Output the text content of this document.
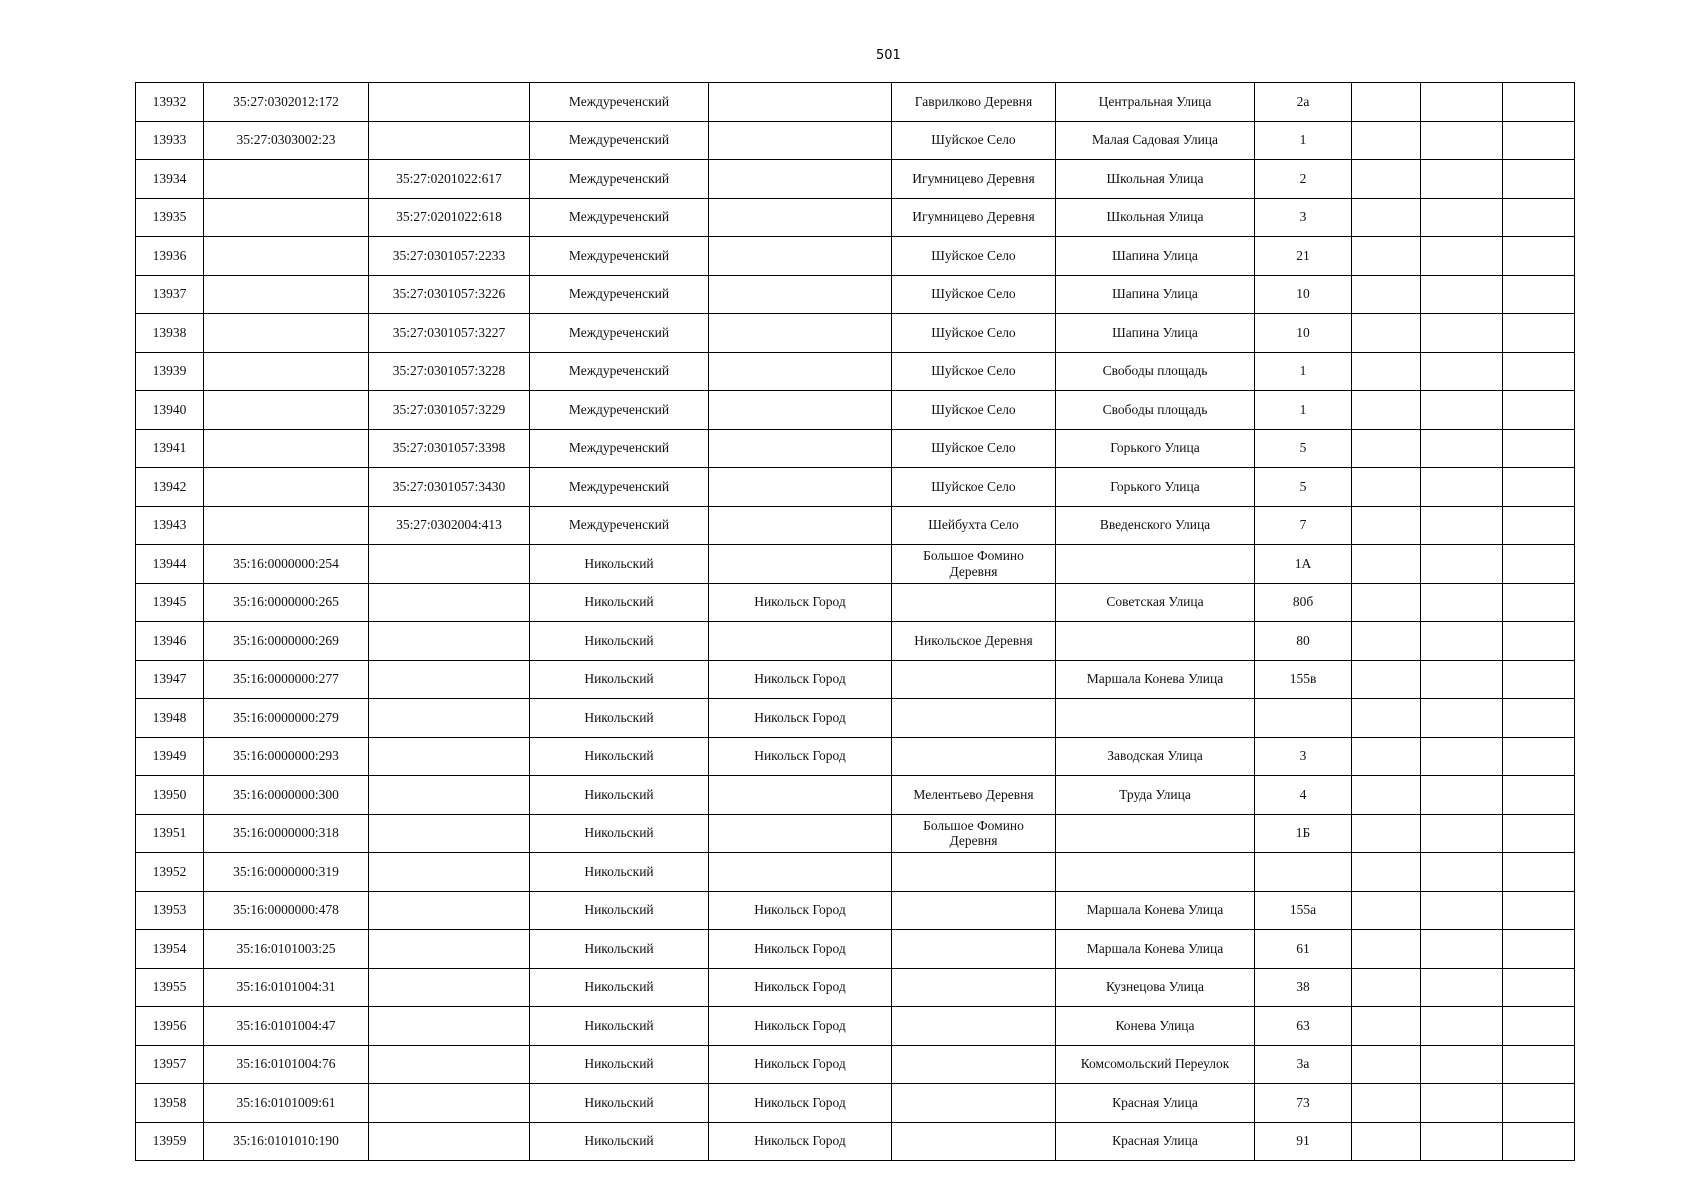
501
13932	35:27:0302012:172		Междуреченский		Гаврилково Деревня	Центральная Улица	2а			
13933	35:27:0303002:23		Междуреченский		Шуйское Село	Малая Садовая Улица	1			
13934		35:27:0201022:617	Междуреченский		Игумницево Деревня	Школьная Улица	2			
13935		35:27:0201022:618	Междуреченский		Игумницево Деревня	Школьная Улица	3			
13936		35:27:0301057:2233	Междуреченский		Шуйское Село	Шапина Улица	21			
13937		35:27:0301057:3226	Междуреченский		Шуйское Село	Шапина Улица	10			
13938		35:27:0301057:3227	Междуреченский		Шуйское Село	Шапина Улица	10			
13939		35:27:0301057:3228	Междуреченский		Шуйское Село	Свободы площадь	1			
13940		35:27:0301057:3229	Междуреченский		Шуйское Село	Свободы площадь	1			
13941		35:27:0301057:3398	Междуреченский		Шуйское Село	Горького Улица	5			
13942		35:27:0301057:3430	Междуреченский		Шуйское Село	Горького Улица	5			
13943		35:27:0302004:413	Междуреченский		Шейбухта Село	Введенского Улица	7			
13944	35:16:0000000:254		Никольский		Большое Фомино Деревня		1А			
13945	35:16:0000000:265		Никольский	Никольск Город		Советская Улица	80б			
13946	35:16:0000000:269		Никольский		Никольское Деревня		80			
13947	35:16:0000000:277		Никольский	Никольск Город		Маршала Конева Улица	155в			
13948	35:16:0000000:279		Никольский	Никольск Город						
13949	35:16:0000000:293		Никольский	Никольск Город		Заводская Улица	3			
13950	35:16:0000000:300		Никольский		Мелентьево Деревня	Труда Улица	4			
13951	35:16:0000000:318		Никольский		Большое Фомино Деревня		1Б			
13952	35:16:0000000:319		Никольский							
13953	35:16:0000000:478		Никольский	Никольск Город		Маршала Конева Улица	155а			
13954	35:16:0101003:25		Никольский	Никольск Город		Маршала Конева Улица	61			
13955	35:16:0101004:31		Никольский	Никольск Город		Кузнецова Улица	38			
13956	35:16:0101004:47		Никольский	Никольск Город		Конева Улица	63			
13957	35:16:0101004:76		Никольский	Никольск Город		Комсомольский Переулок	3а			
13958	35:16:0101009:61		Никольский	Никольск Город		Красная Улица	73			
13959	35:16:0101010:190		Никольский	Никольск Город		Красная Улица	91			
